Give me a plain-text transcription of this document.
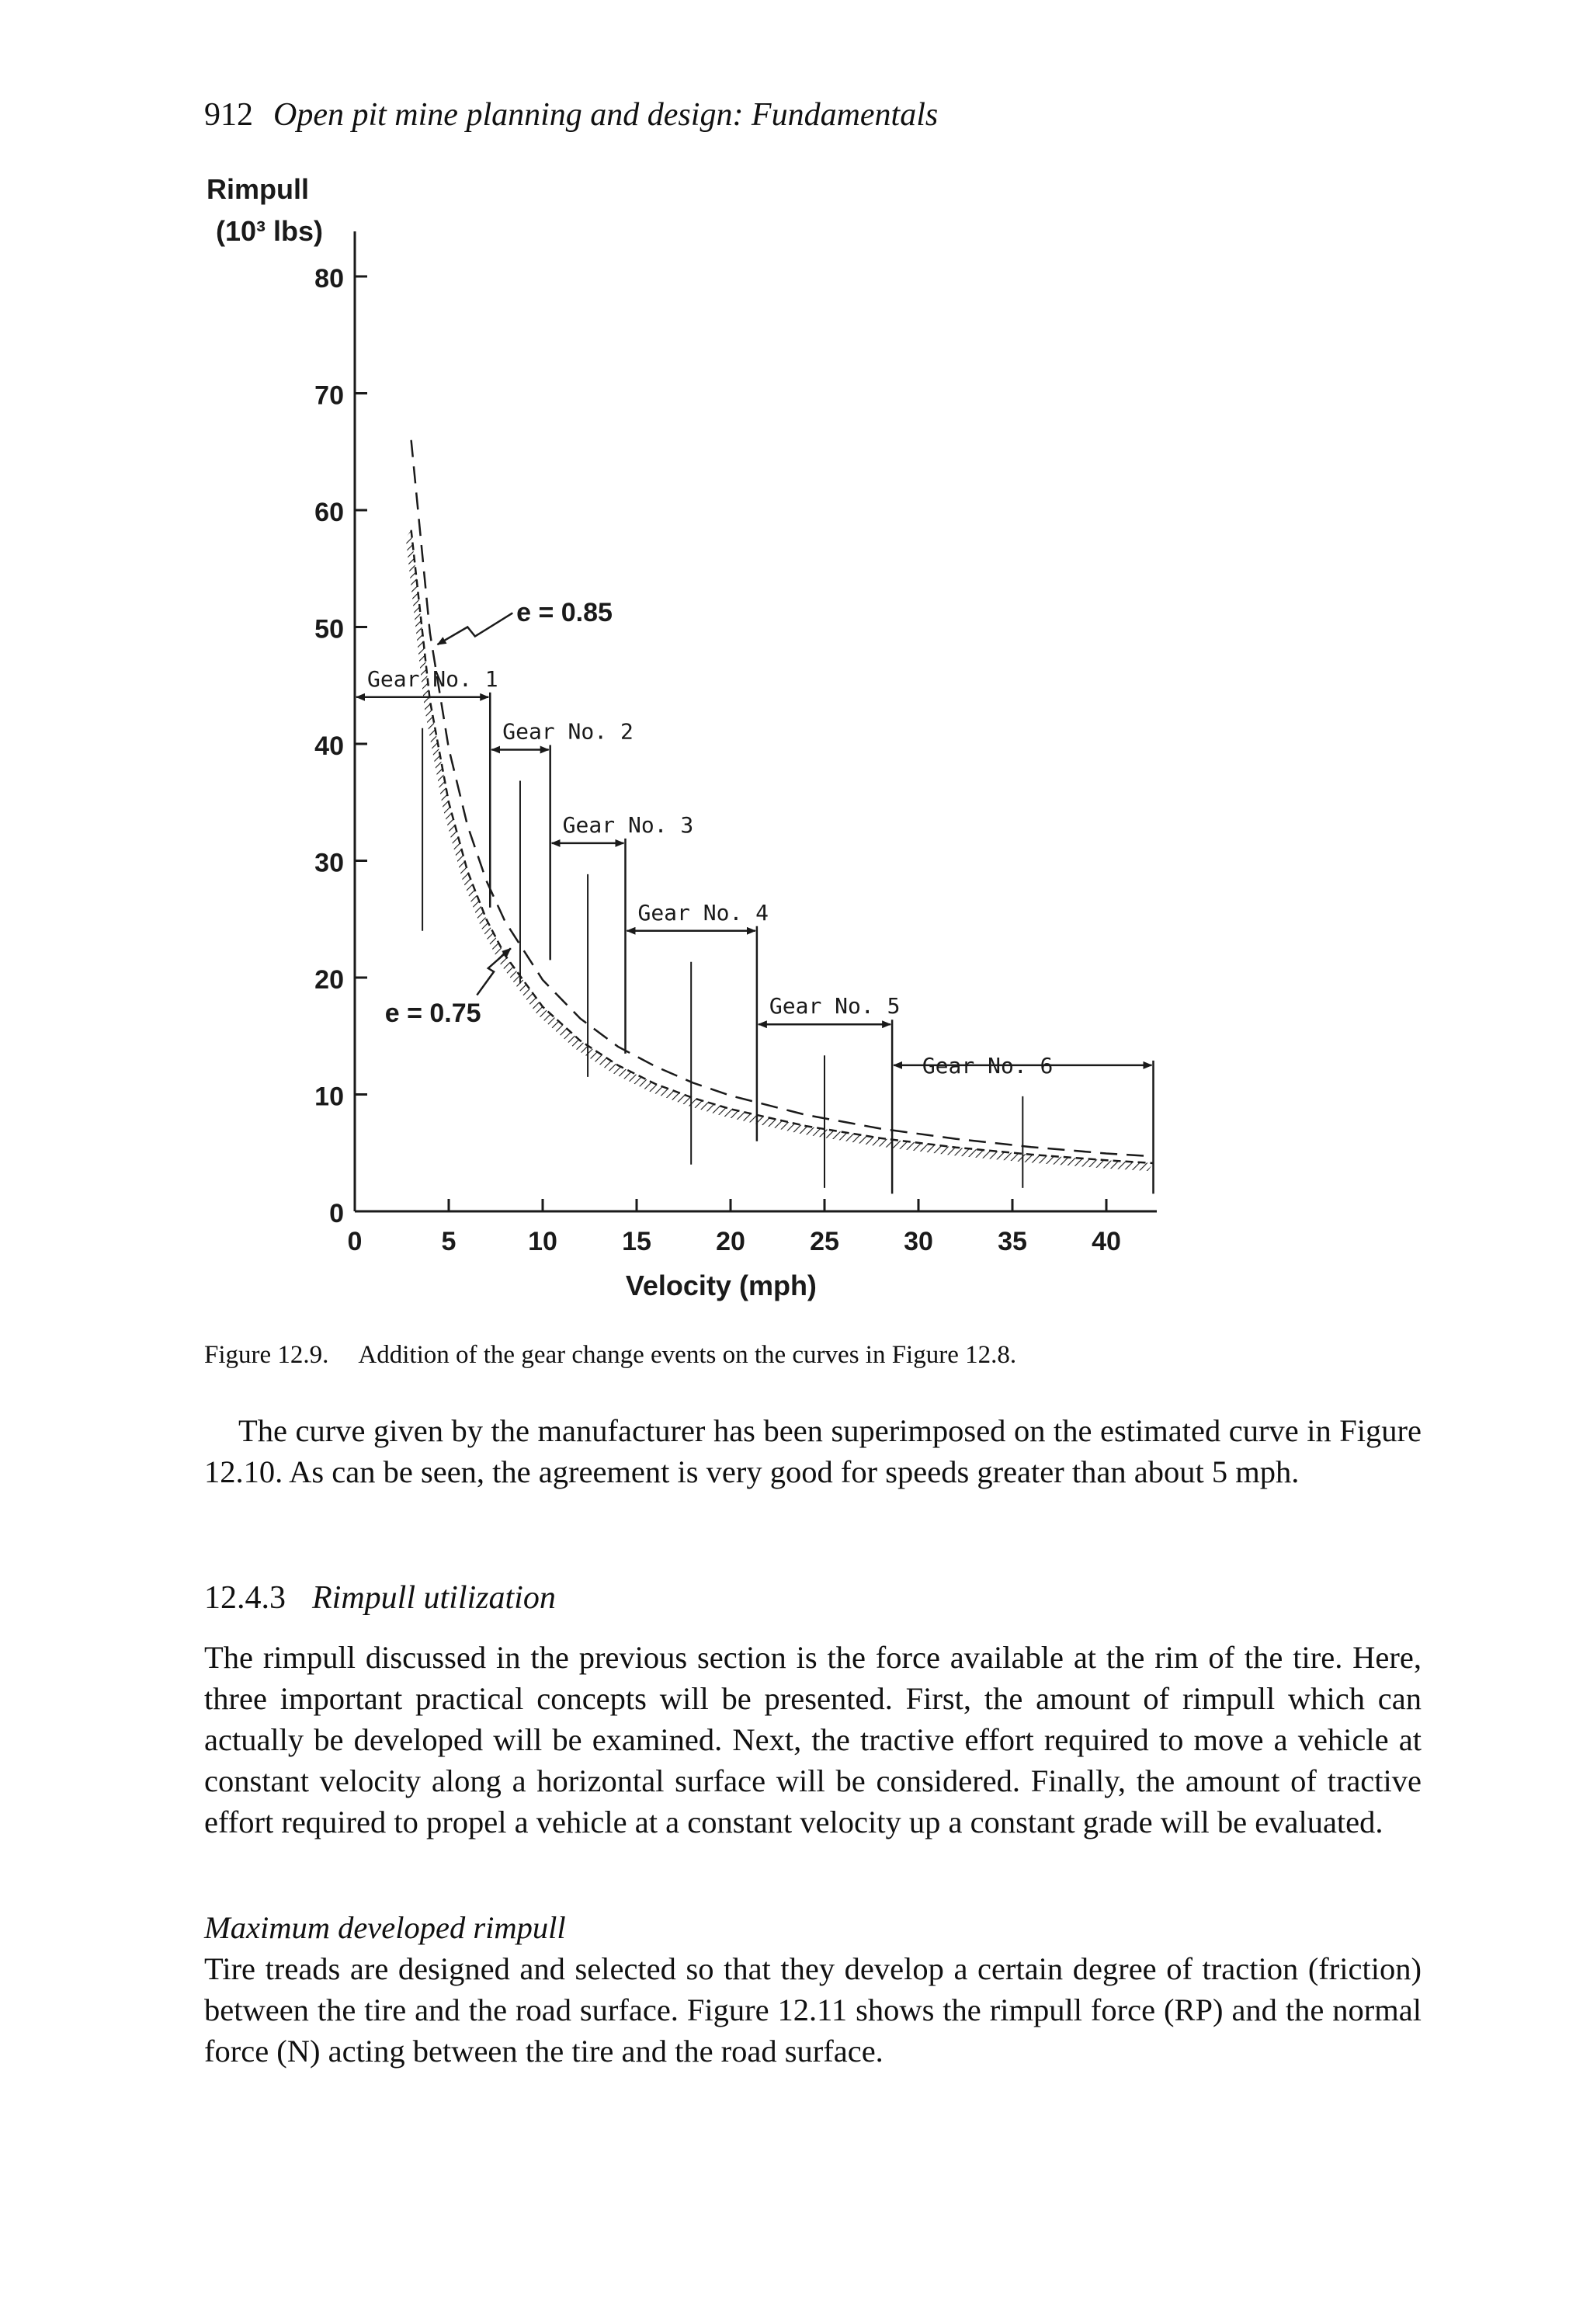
912 Open pit mine planning and design: Fundamentals
0
10
20
30
40
50
60
70
80
0	5	10 15 20 25 30 35 40
Gear No. 1
Gear No. 2
Gear No. 3
Gear No. 4
Gear No. 5
Gear No. 6
Rimpull
(10³ lbs)
Velocity (mph)
e = 0.85
e = 0.75
Figure 12.9. Addition of the gear change events on the curves in Figure 12.8.

The curve given by the manufacturer has been superimposed on the estimated curve in Figure 12.10. As can be seen, the agreement is very good for speeds greater than about 5 mph.

12.4.3 Rimpull utilization

The rimpull discussed in the previous section is the force available at the rim of the tire. Here, three important practical concepts will be presented. First, the amount of rimpull which can actually be developed will be examined. Next, the tractive effort required to move a vehicle at constant velocity along a horizontal surface will be considered. Finally, the amount of tractive effort required to propel a vehicle at a constant velocity up a constant grade will be evaluated.

Maximum developed rimpull

Tire treads are designed and selected so that they develop a certain degree of traction (friction) between the tire and the road surface. Figure 12.11 shows the rimpull force (RP) and the normal force (N) acting between the tire and the road surface.
